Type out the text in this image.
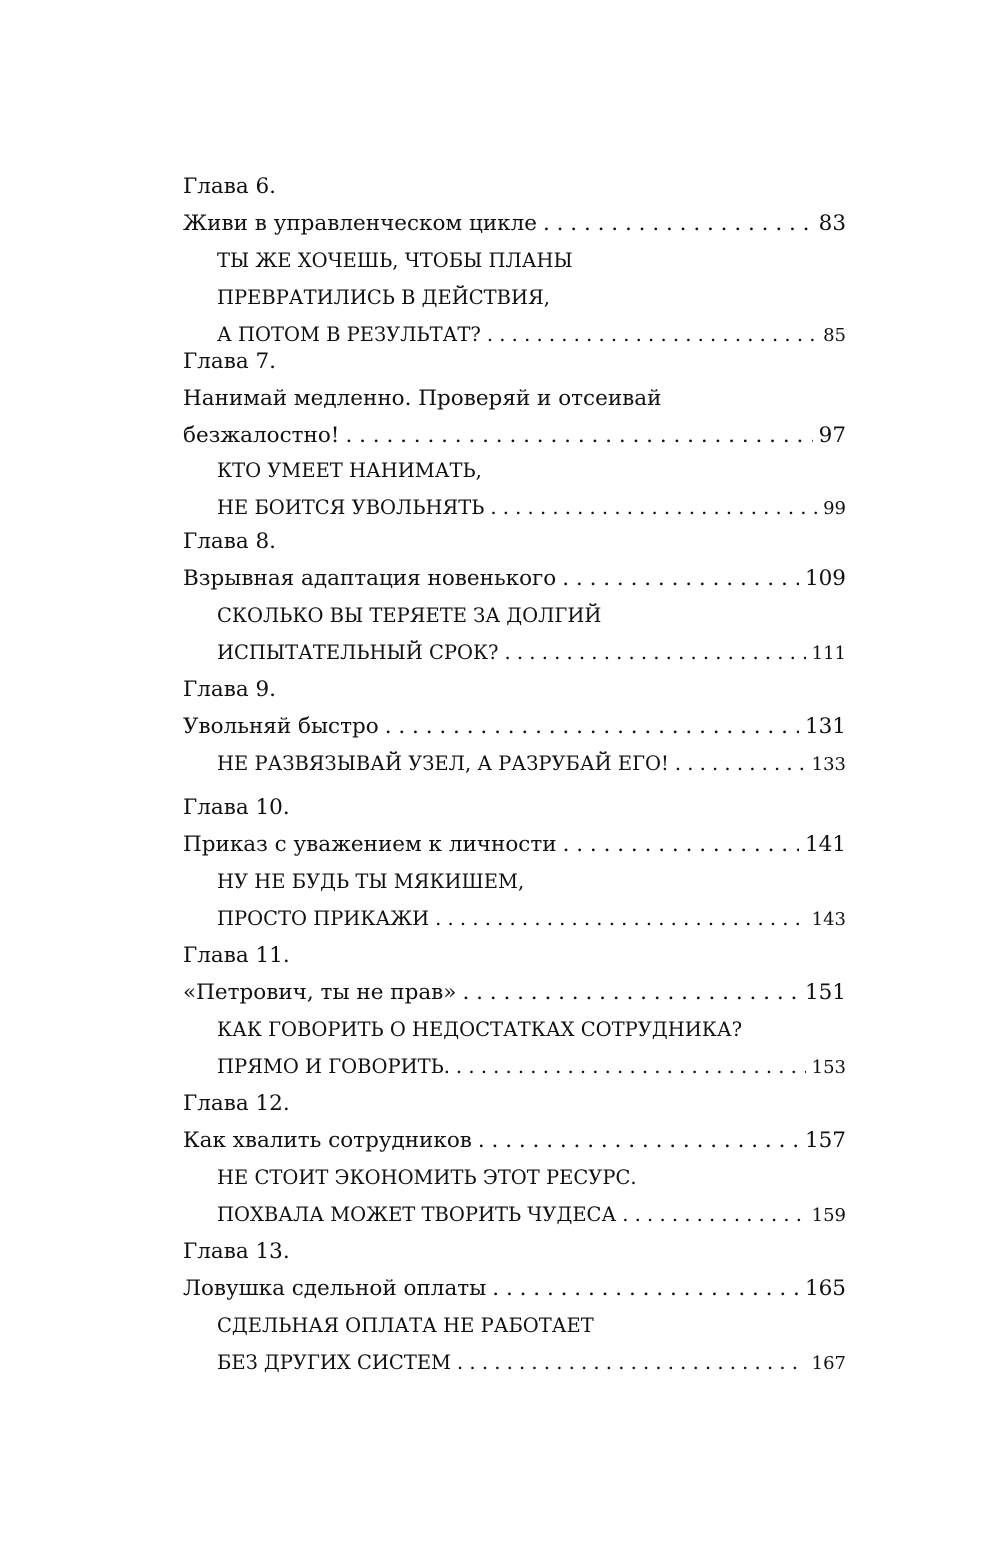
Глава 6.
Живи в управленческом цикле . . .	83
ТЫ ЖЕ ХОЧЕШЬ, ЧТОБЫ ПЛАНЫ
ПРЕВРАТИЛИСЬ В ДЕЙСТВИЯ,
А ПОТОМ В РЕЗУЛЬТАТ? . . .	85
Глава 7.
Нанимай медленно. Проверяй и отсеивай
безжалостно! . . .	97
КТО УМЕЕТ НАНИМАТЬ,
НЕ БОИТСЯ УВОЛЬНЯТЬ . . .	99
Глава 8.
Взрывная адаптация новенького . . .	109
СКОЛЬКО ВЫ ТЕРЯЕТЕ ЗА ДОЛГИЙ
ИСПЫТАТЕЛЬНЫЙ СРОК? . . .	111
Глава 9.
Увольняй быстро . . .	131
НЕ РАЗВЯЗЫВАЙ УЗЕЛ, А РАЗРУБАЙ ЕГО! . . .	133
Глава 10.
Приказ с уважением к личности . . .	141
НУ НЕ БУДЬ ТЫ МЯКИШЕМ,
ПРОСТО ПРИКАЖИ . . .	143
Глава 11.
«Петрович, ты не прав» . . .	151
КАК ГОВОРИТЬ О НЕДОСТАТКАХ СОТРУДНИКА?
ПРЯМО И ГОВОРИТЬ. . . .	153
Глава 12.
Как хвалить сотрудников . . .	157
НЕ СТОИТ ЭКОНОМИТЬ ЭТОТ РЕСУРС.
ПОХВАЛА МОЖЕТ ТВОРИТЬ ЧУДЕСА . . .	159
Глава 13.
Ловушка сдельной оплаты . . .	165
СДЕЛЬНАЯ ОПЛАТА НЕ РАБОТАЕТ
БЕЗ ДРУГИХ СИСТЕМ . . .	167
